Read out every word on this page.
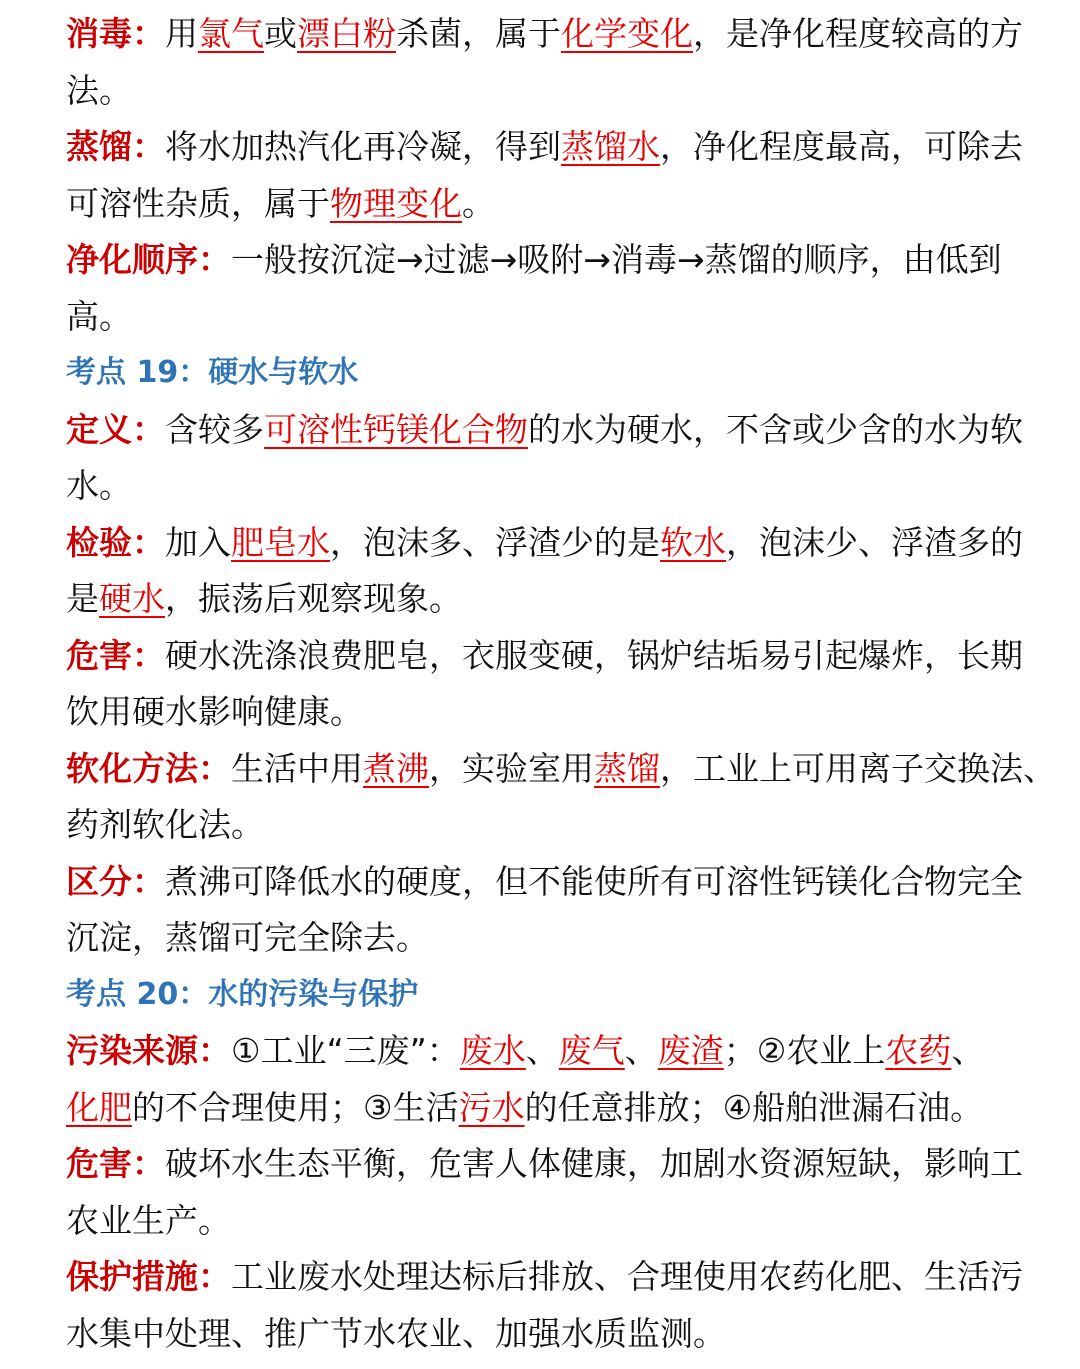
消毒：用氯气或漂白粉杀菌，属于化学变化，是净化程度较高的方
法。
蒸馏：将水加热汽化再冷凝，得到蒸馏水，净化程度最高，可除去
可溶性杂质，属于物理变化。
净化顺序：一般按沉淀→过滤→吸附→消毒→蒸馏的顺序，由低到
高。
考点 19：硬水与软水
定义：含较多可溶性钙镁化合物的水为硬水，不含或少含的水为软
水。
检验：加入肥皂水，泡沫多、浮渣少的是软水，泡沫少、浮渣多的
是硬水，振荡后观察现象。
危害：硬水洗涤浪费肥皂，衣服变硬，锅炉结垢易引起爆炸，长期
饮用硬水影响健康。
软化方法：生活中用煮沸，实验室用蒸馏，工业上可用离子交换法、
药剂软化法。
区分：煮沸可降低水的硬度，但不能使所有可溶性钙镁化合物完全
沉淀，蒸馏可完全除去。
考点 20：水的污染与保护
污染来源：①工业“三废”：废水、废气、废渣；②农业上农药、
化肥的不合理使用；③生活污水的任意排放；④船舶泄漏石油。
危害：破坏水生态平衡，危害人体健康，加剧水资源短缺，影响工
农业生产。
保护措施：工业废水处理达标后排放、合理使用农药化肥、生活污
水集中处理、推广节水农业、加强水质监测。
